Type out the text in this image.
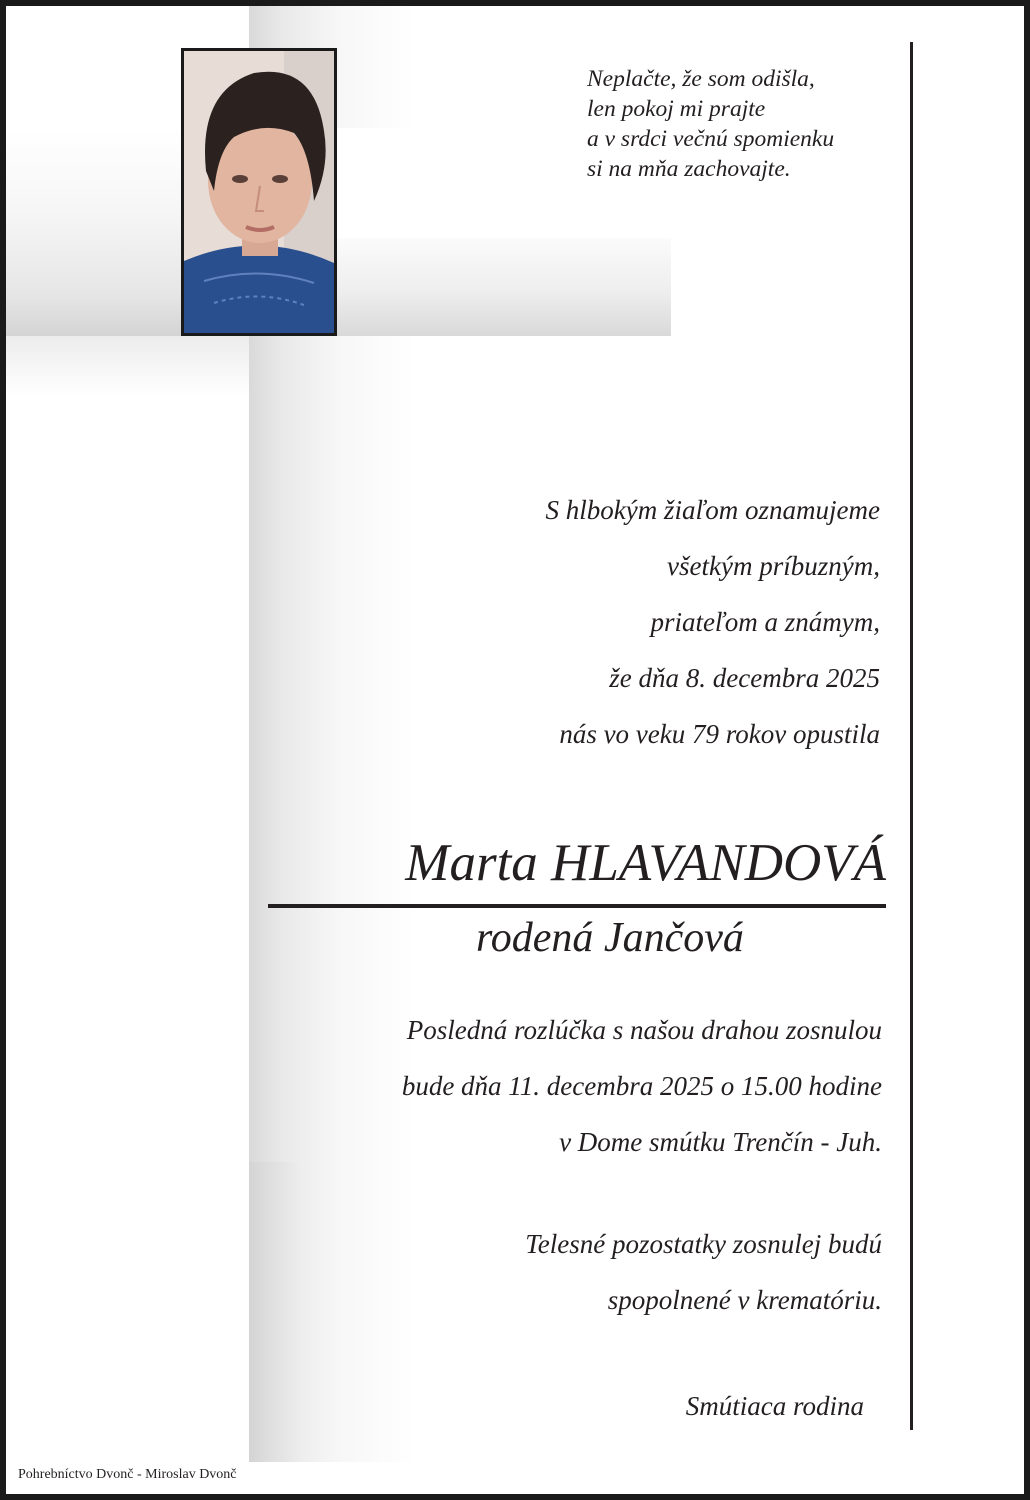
Neplačte, že som odišla,
len pokoj mi prajte
a v srdci večnú spomienku
si na mňa zachovajte.
S hlbokým žiaľom oznamujeme
všetkým príbuzným,
priateľom a známym,
že dňa 8. decembra 2025
nás vo veku 79 rokov opustila
Marta HLAVANDOVÁ
rodená Jančová
Posledná rozlúčka s našou drahou zosnulou
bude dňa 11. decembra 2025 o 15.00 hodine
v Dome smútku Trenčín - Juh.
Telesné pozostatky zosnulej budú
spopolnené v krematóriu.
Smútiaca rodina
Pohrebníctvo Dvonč - Miroslav Dvonč
